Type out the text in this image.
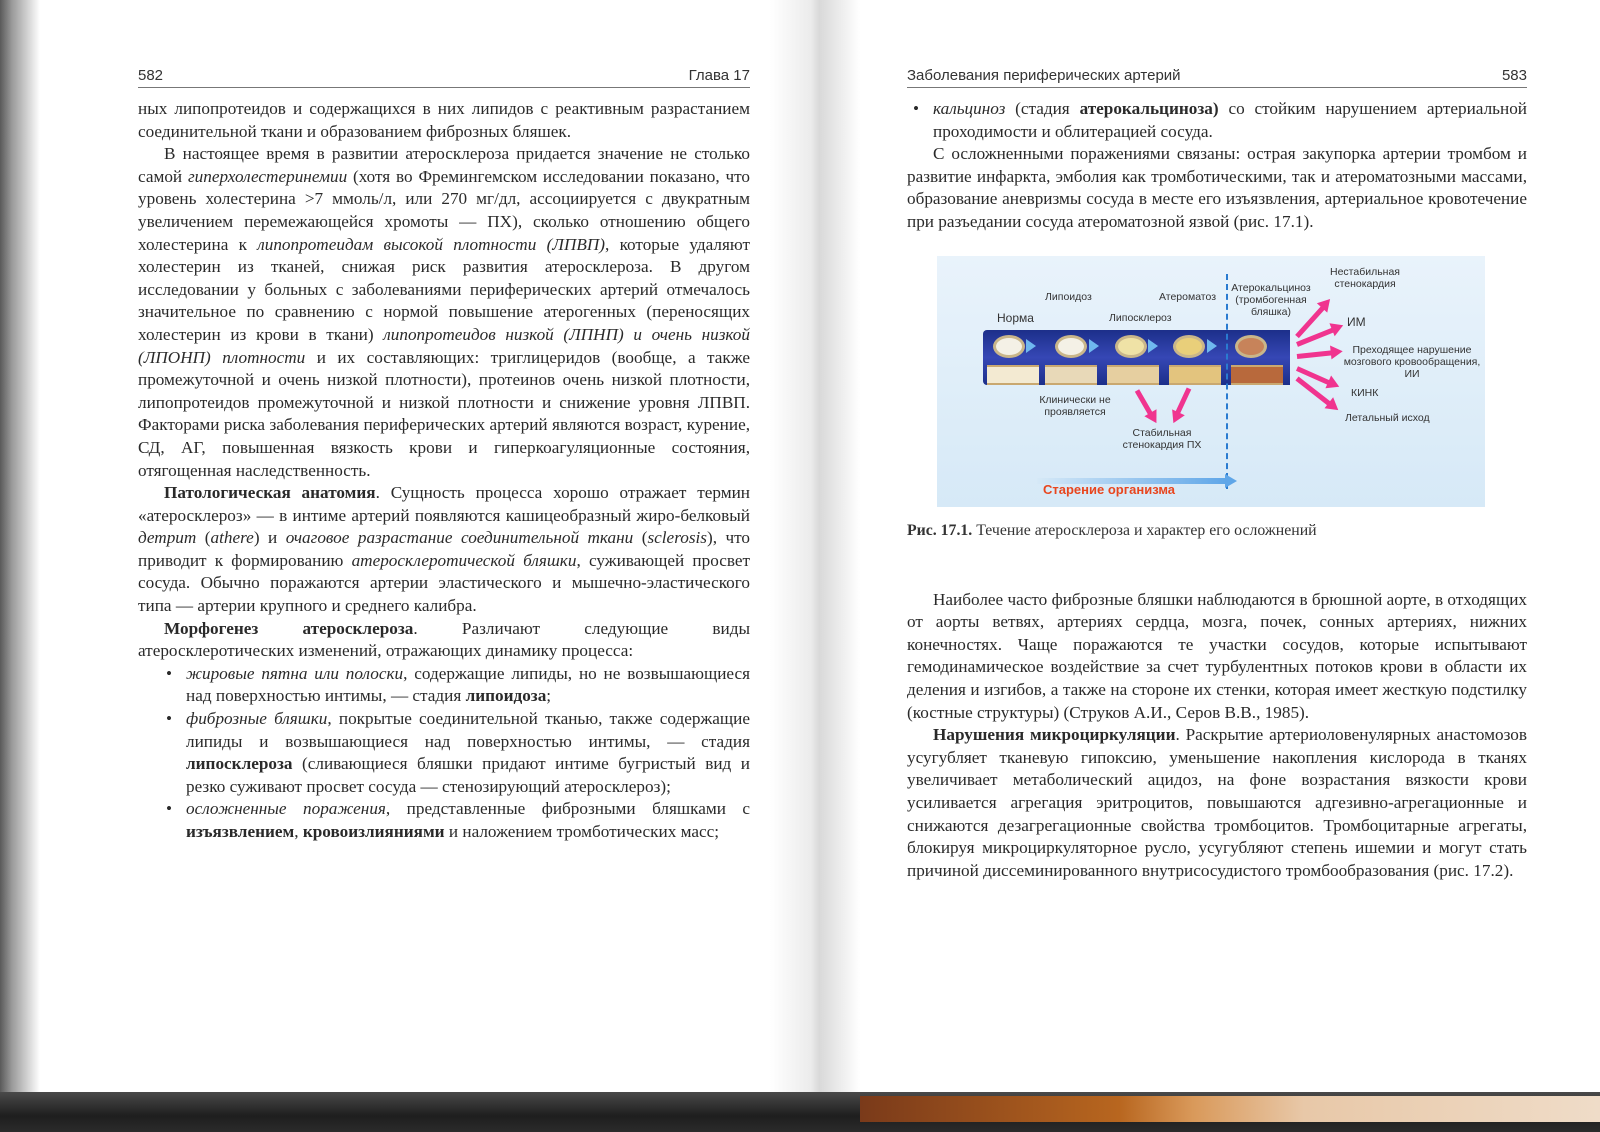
582	Глава 17

ных липопротеидов и содержащихся в них липидов с реактивным разрастанием соединительной ткани и образованием фиброзных бляшек.

В настоящее время в развитии атеросклероза придается значение не столько самой гиперхолестеринемии (хотя во Фремингемском исследовании показано, что уровень холестерина >7 ммоль/л, или 270 мг/дл, ассоциируется с двукратным увеличением перемежающейся хромоты — ПХ), сколько отношению общего холестерина к липопротеидам высокой плотности (ЛПВП), которые удаляют холестерин из тканей, снижая риск развития атеросклероза. В другом исследовании у больных с заболеваниями периферических артерий отмечалось значительное по сравнению с нормой повышение атерогенных (переносящих холестерин из крови в ткани) липопротеидов низкой (ЛПНП) и очень низкой (ЛПОНП) плотности и их составляющих: триглицеридов (вообще, а также промежуточной и очень низкой плотности), протеинов очень низкой плотности, липопротеидов промежуточной и низкой плотности и снижение уровня ЛПВП. Факторами риска заболевания периферических артерий являются возраст, курение, СД, АГ, повышенная вязкость крови и гиперкоагуляционные состояния, отягощенная наследственность.

Патологическая анатомия. Сущность процесса хорошо отражает термин «атеросклероз» — в интиме артерий появляются кашицеобразный жиро-белковый детрит (athere) и очаговое разрастание соединительной ткани (sclerosis), что приводит к формированию атеросклеротической бляшки, суживающей просвет сосуда. Обычно поражаются артерии эластического и мышечно-эластического типа — артерии крупного и среднего калибра.

Морфогенез атеросклероза. Различают следующие виды атеросклеротических изменений, отражающих динамику процесса:

• жировые пятна или полоски, содержащие липиды, но не возвышающиеся над поверхностью интимы, — стадия липоидоза;
• фиброзные бляшки, покрытые соединительной тканью, также содержащие липиды и возвышающиеся над поверхностью интимы, — стадия липосклероза (сливающиеся бляшки придают интиме бугристый вид и резко суживают просвет сосуда — стенозирующий атеросклероз);
• осложненные поражения, представленные фиброзными бляшками с изъязвлением, кровоизлияниями и наложением тромботических масс;
Заболевания периферических артерий	583
• кальциноз (стадия атерокальциноза) со стойким нарушением артериальной проходимости и облитерацией сосуда.

С осложненными поражениями связаны: острая закупорка артерии тромбом и развитие инфаркта, эмболия как тромботическими, так и атероматозными массами, образование аневризмы сосуда в месте его изъязвления, артериальное кровотечение при разъедании сосуда атероматозной язвой (рис. 17.1).

Норма
Липоидоз
Липосклероз
Атероматоз
Атерокальциноз (тромбогенная бляшка)
Нестабильная стенокардия
ИМ
Преходящее нарушение мозгового кровообращения, ИИ
КИНК
Летальный исход
Клинически не проявляется
Стабильная стенокардия ПХ
Старение организма
Рис. 17.1. Течение атеросклероза и характер его осложнений

Наиболее часто фиброзные бляшки наблюдаются в брюшной аорте, в отходящих от аорты ветвях, артериях сердца, мозга, почек, сонных артериях, нижних конечностях. Чаще поражаются те участки сосудов, которые испытывают гемодинамическое воздействие за счет турбулентных потоков крови в области их деления и изгибов, а также на стороне их стенки, которая имеет жесткую подстилку (костные структуры) (Струков А.И., Серов В.В., 1985).

Нарушения микроциркуляции. Раскрытие артериоловенулярных анастомозов усугубляет тканевую гипоксию, уменьшение накопления кислорода в тканях увеличивает метаболический ацидоз, на фоне возрастания вязкости крови усиливается агрегация эритроцитов, повышаются адгезивно-агрегационные и снижаются дезагрегационные свойства тромбоцитов. Тромбоцитарные агрегаты, блокируя микроциркуляторное русло, усугубляют степень ишемии и могут стать причиной диссеминированного внутрисосудистого тромбообразования (рис. 17.2).
